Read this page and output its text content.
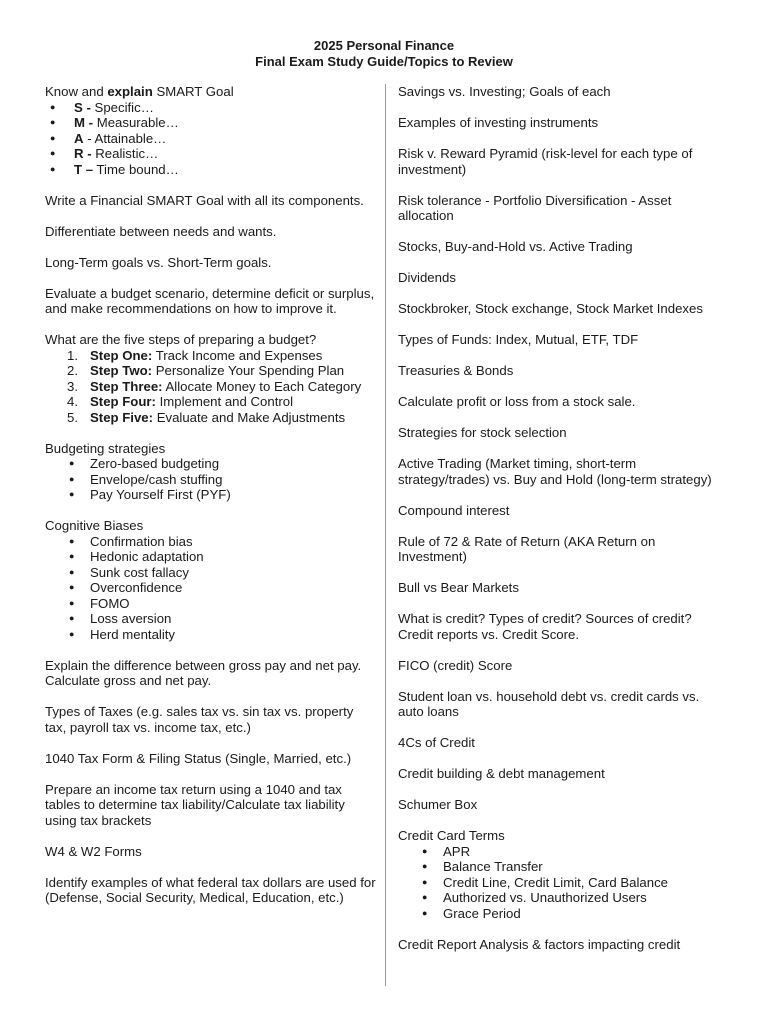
2025 Personal Finance
Final Exam Study Guide/Topics to Review

Know and explain SMART Goal

● S - Specific…
● M - Measurable…
● A - Attainable…
● R - Realistic…
● T – Time bound…

Write a Financial SMART Goal with all its components.

Differentiate between needs and wants.

Long-Term goals vs. Short-Term goals.

Evaluate a budget scenario, determine deficit or surplus, and make recommendations on how to improve it.

What are the five steps of preparing a budget?

1. Step One: Track Income and Expenses
2. Step Two: Personalize Your Spending Plan
3. Step Three: Allocate Money to Each Category
4. Step Four: Implement and Control
5. Step Five: Evaluate and Make Adjustments

Budgeting strategies

● Zero-based budgeting
● Envelope/cash stuffing
● Pay Yourself First (PYF)

Cognitive Biases

● Confirmation bias
● Hedonic adaptation
● Sunk cost fallacy
● Overconfidence
● FOMO
● Loss aversion
● Herd mentality

Explain the difference between gross pay and net pay. Calculate gross and net pay.

Types of Taxes (e.g. sales tax vs. sin tax vs. property tax, payroll tax vs. income tax, etc.)

1040 Tax Form & Filing Status (Single, Married, etc.)

Prepare an income tax return using a 1040 and tax tables to determine tax liability/Calculate tax liability using tax brackets

W4 & W2 Forms

Identify examples of what federal tax dollars are used for (Defense, Social Security, Medical, Education, etc.)

Savings vs. Investing; Goals of each

Examples of investing instruments

Risk v. Reward Pyramid (risk-level for each type of investment)

Risk tolerance - Portfolio Diversification - Asset allocation

Stocks, Buy-and-Hold vs. Active Trading

Dividends

Stockbroker, Stock exchange, Stock Market Indexes

Types of Funds: Index, Mutual, ETF, TDF

Treasuries & Bonds

Calculate profit or loss from a stock sale.

Strategies for stock selection

Active Trading (Market timing, short-term strategy/trades) vs. Buy and Hold (long-term strategy)

Compound interest

Rule of 72 & Rate of Return (AKA Return on Investment)

Bull vs Bear Markets

What is credit? Types of credit? Sources of credit? Credit reports vs. Credit Score.

FICO (credit) Score

Student loan vs. household debt vs. credit cards vs. auto loans

4Cs of Credit

Credit building & debt management

Schumer Box

Credit Card Terms

● APR
● Balance Transfer
● Credit Line, Credit Limit, Card Balance
● Authorized vs. Unauthorized Users
● Grace Period

Credit Report Analysis & factors impacting credit
